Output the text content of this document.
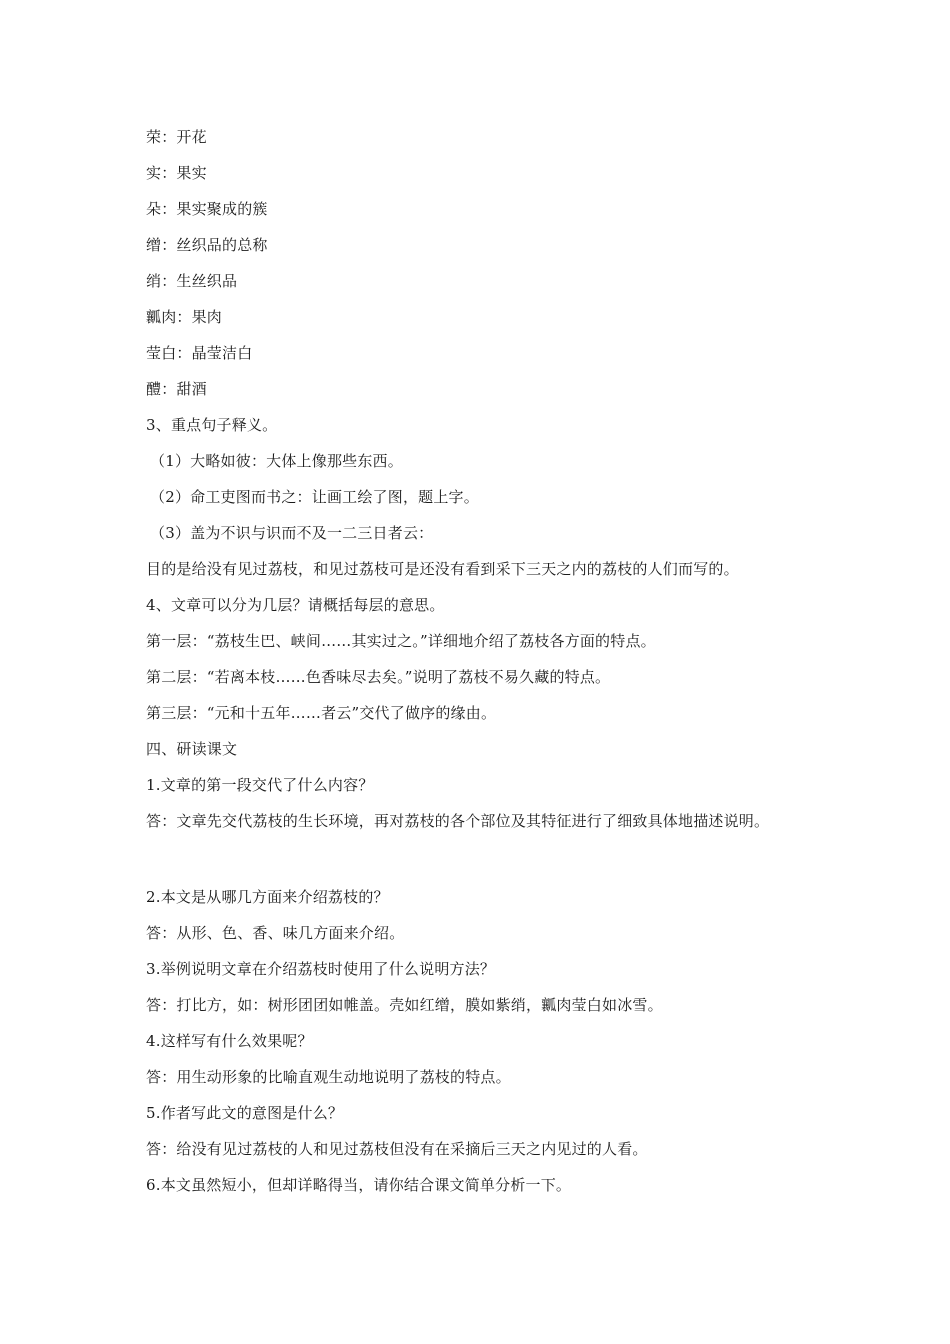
荣：开花
实：果实
朵：果实聚成的簇
缯：丝织品的总称
绡：生丝织品
瓤肉：果肉
莹白：晶莹洁白
醴：甜酒
3、重点句子释义。
（1）大略如彼：大体上像那些东西。
（2）命工吏图而书之：让画工绘了图，题上字。
（3）盖为不识与识而不及一二三日者云：
目的是给没有见过荔枝，和见过荔枝可是还没有看到采下三天之内的荔枝的人们而写的。
4、文章可以分为几层？请概括每层的意思。
第一层：“荔枝生巴、峡间……其实过之。”详细地介绍了荔枝各方面的特点。
第二层：“若离本枝……色香味尽去矣。”说明了荔枝不易久藏的特点。
第三层：“元和十五年……者云”交代了做序的缘由。
四、研读课文
1.文章的第一段交代了什么内容？
答：文章先交代荔枝的生长环境，再对荔枝的各个部位及其特征进行了细致具体地描述说明。
2.本文是从哪几方面来介绍荔枝的？
答：从形、色、香、味几方面来介绍。
3.举例说明文章在介绍荔枝时使用了什么说明方法？
答：打比方，如：树形团团如帷盖。壳如红缯，膜如紫绡，瓤肉莹白如冰雪。
4.这样写有什么效果呢？
答：用生动形象的比喻直观生动地说明了荔枝的特点。
5.作者写此文的意图是什么？
答：给没有见过荔枝的人和见过荔枝但没有在采摘后三天之内见过的人看。
6.本文虽然短小，但却详略得当，请你结合课文简单分析一下。
